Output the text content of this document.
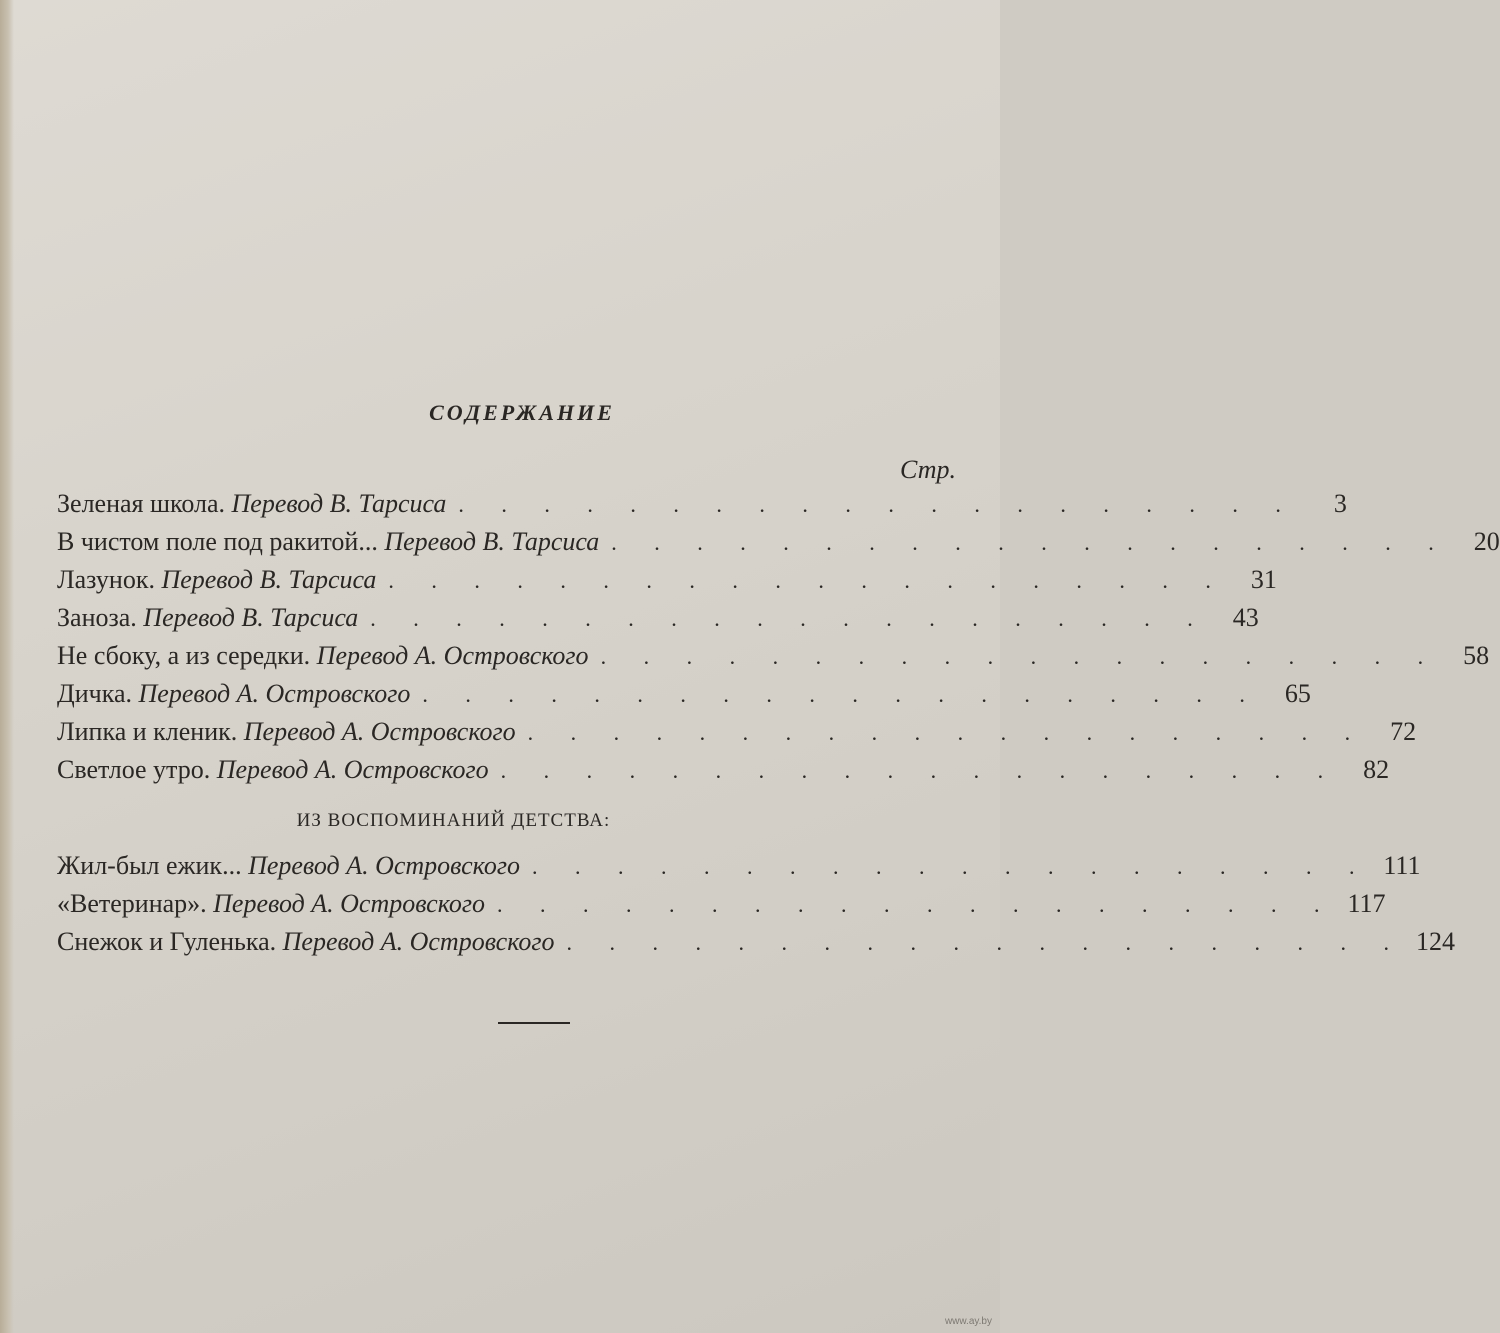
СОДЕРЖАНИЕ
Стр.
Зеленая школа . Перевод В. Тарсиса . . . . . . . . . . . . . . . . . . . .	3
В чистом поле под ракитой...
Перевод В. Тарсиса . . . . . . . . . . . . . . . . . . . . 20
Лазунок . Перевод В. Тарсиса . . . . . . . . . . . . . . . . . . . . 31
Заноза . Перевод В. Тарсиса . . . . . . . . . . . . . . . . . . . . 43
Не сбоку, а из середки . Перевод А. Островского . . . . . . . . . . . . . . . . . . . . 58
Дичка . Перевод А. Островского . . . . . . . . . . . . . . . . . . . . 65
Липка и кленик . Перевод А. Островского . . . . . . . . . . . . . . . . . . . . 72
Светлое утро . Перевод А. Островского . . . . . . . . . . . . . . . . . . . . 82
ИЗ ВОСПОМИНАНИЙ ДЕТСТВА:
Жил-был ежик...
Перевод А. Островского . . . . . . . . . . . . . . . . . . . . 111
«Ветеринар» . Перевод А. Островского . . . . . . . . . . . . . . . . . . . . 117
Снежок и Гуленька . Перевод А. Островского . . . . . . . . . . . . . . . . . . . . 124
www.ay.by
